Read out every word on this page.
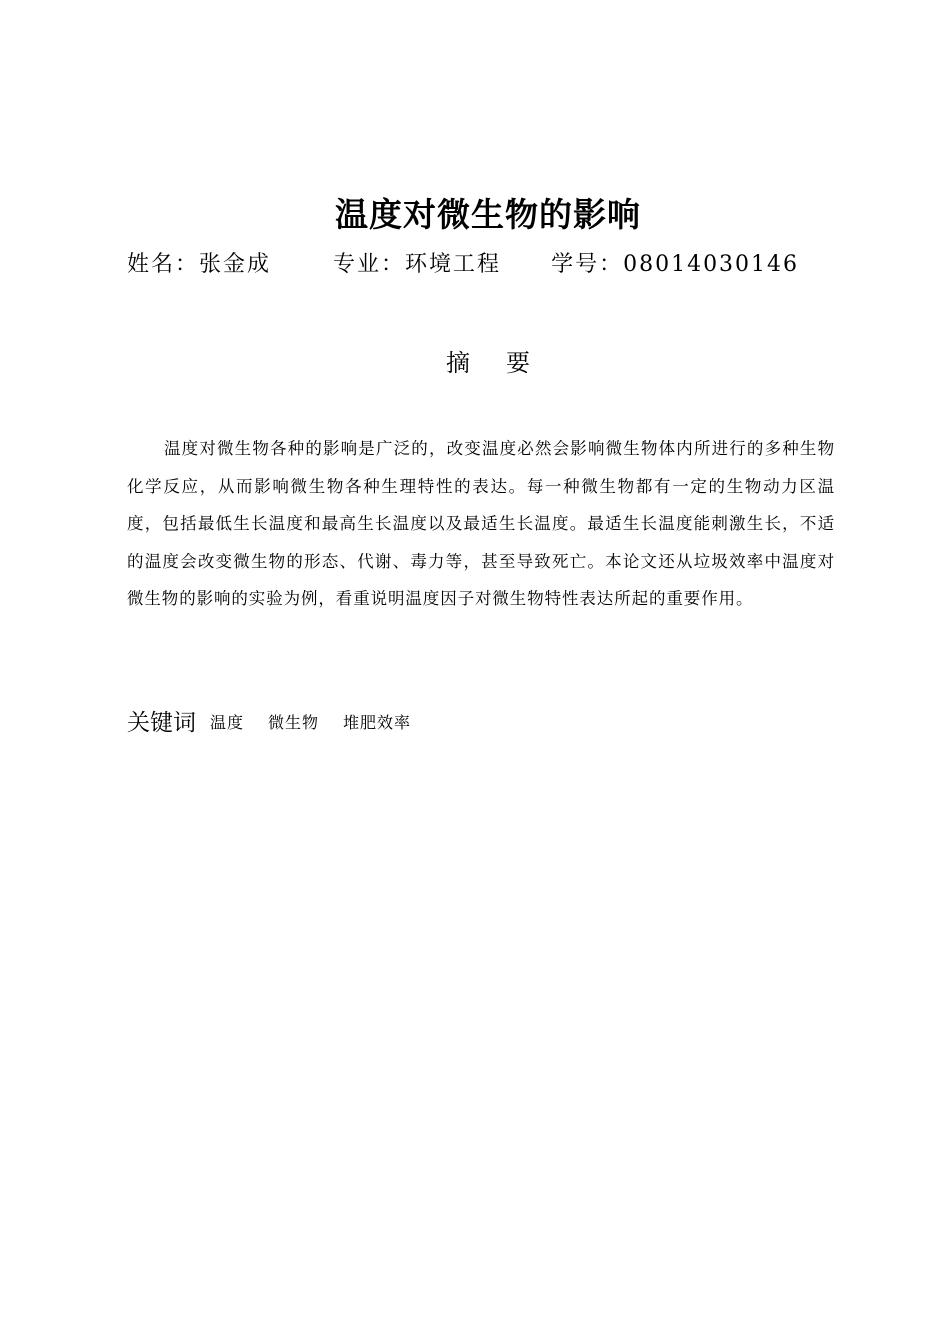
温度对微生物的影响
姓名：张金成	专业：环境工程 学号：08014030146
摘要
温度对微生物各种的影响是广泛的，改变温度必然会影响微生物体内所进行的多种生物化学反应，从而影响微生物各种生理特性的表达。每一种微生物都有一定的生物动力区温度，包括最低生长温度和最高生长温度以及最适生长温度。最适生长温度能刺激生长，不适的温度会改变微生物的形态、代谢、毒力等，甚至导致死亡。本论文还从垃圾效率中温度对微生物的影响的实验为例，看重说明温度因子对微生物特性表达所起的重要作用。
关键词 温度 微生物 堆肥效率
